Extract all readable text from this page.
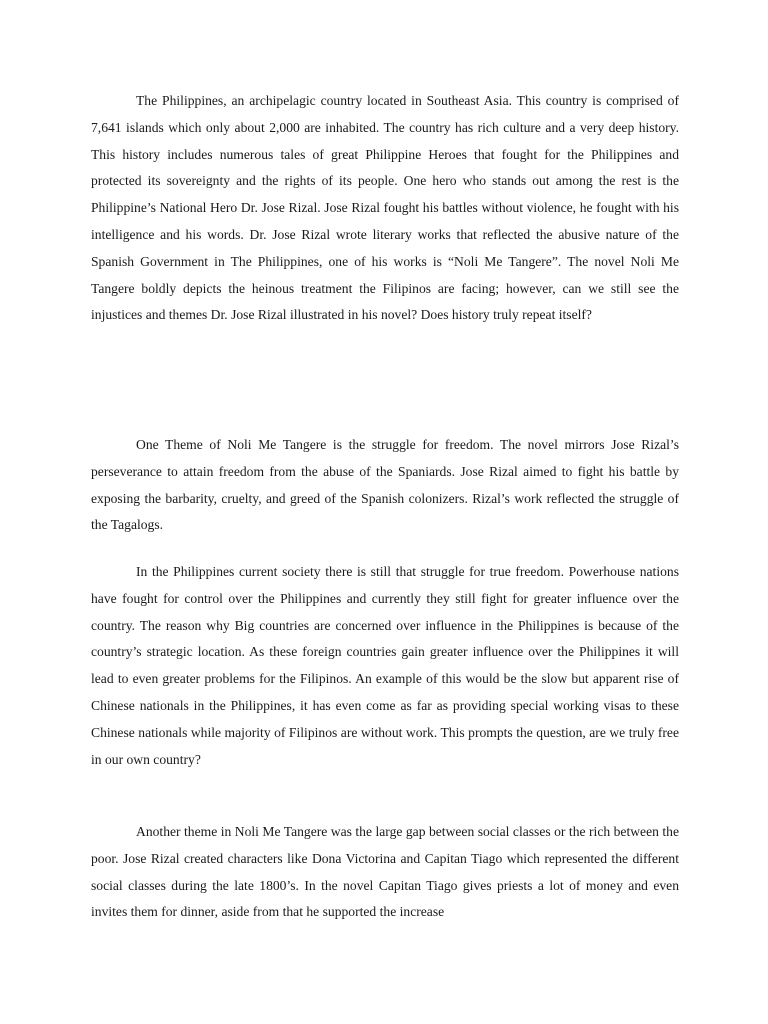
The Philippines, an archipelagic country located in Southeast Asia. This country is comprised of 7,641 islands which only about 2,000 are inhabited. The country has rich culture and a very deep history. This history includes numerous tales of great Philippine Heroes that fought for the Philippines and protected its sovereignty and the rights of its people. One hero who stands out among the rest is the Philippine’s National Hero Dr. Jose Rizal. Jose Rizal fought his battles without violence, he fought with his intelligence and his words. Dr. Jose Rizal wrote literary works that reflected the abusive nature of the Spanish Government in The Philippines, one of his works is “Noli Me Tangere”. The novel Noli Me Tangere boldly depicts the heinous treatment the Filipinos are facing; however, can we still see the injustices and themes Dr. Jose Rizal illustrated in his novel? Does history truly repeat itself?

One Theme of Noli Me Tangere is the struggle for freedom. The novel mirrors Jose Rizal’s perseverance to attain freedom from the abuse of the Spaniards. Jose Rizal aimed to fight his battle by exposing the barbarity, cruelty, and greed of the Spanish colonizers. Rizal’s work reflected the struggle of the Tagalogs.

In the Philippines current society there is still that struggle for true freedom. Powerhouse nations have fought for control over the Philippines and currently they still fight for greater influence over the country. The reason why Big countries are concerned over influence in the Philippines is because of the country’s strategic location. As these foreign countries gain greater influence over the Philippines it will lead to even greater problems for the Filipinos. An example of this would be the slow but apparent rise of Chinese nationals in the Philippines, it has even come as far as providing special working visas to these Chinese nationals while majority of Filipinos are without work. This prompts the question, are we truly free in our own country?

Another theme in Noli Me Tangere was the large gap between social classes or the rich between the poor. Jose Rizal created characters like Dona Victorina and Capitan Tiago which represented the different social classes during the late 1800’s. In the novel Capitan Tiago gives priests a lot of money and even invites them for dinner, aside from that he supported the increase
